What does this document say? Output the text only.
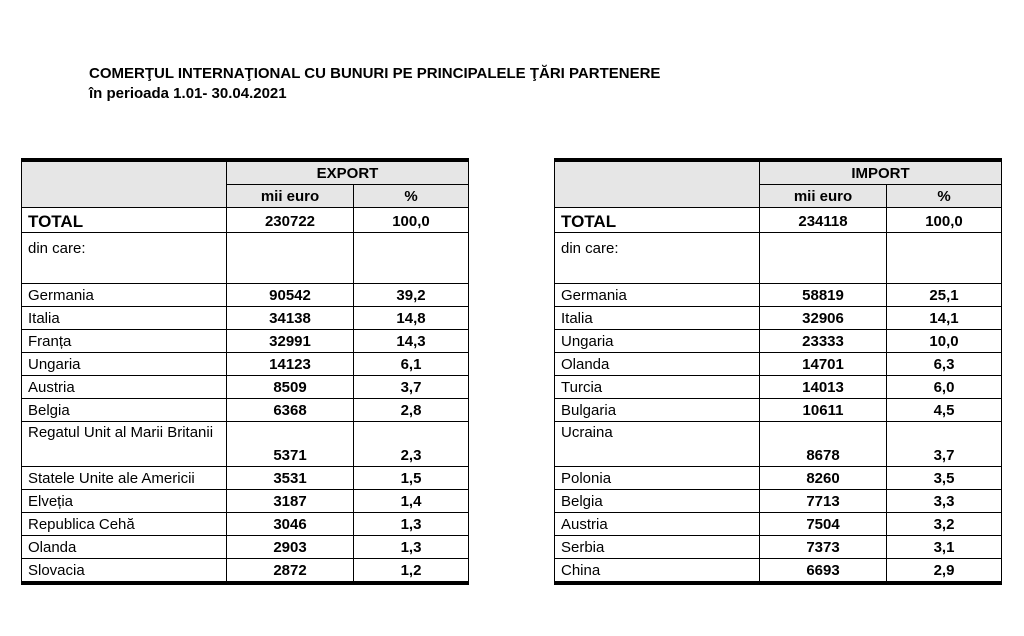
COMERŢUL INTERNAŢIONAL CU BUNURI PE PRINCIPALELE ŢĂRI PARTENERE
în perioada 1.01- 30.04.2021
	EXPORT	
	mii euro	%
TOTAL	230722	100,0
din care:		
Germania	90542	39,2
Italia	34138	14,8
Franța	32991	14,3
Ungaria	14123	6,1
Austria	8509	3,7
Belgia	6368	2,8
Regatul Unit al Marii Britanii	5371	2,3
Statele Unite ale Americii	3531	1,5
Elveția	3187	1,4
Republica Cehă	3046	1,3
Olanda	2903	1,3
Slovacia	2872	1,2
	IMPORT	
	mii euro	%
TOTAL	234118	100,0
din care:		
Germania	58819	25,1
Italia	32906	14,1
Ungaria	23333	10,0
Olanda	14701	6,3
Turcia	14013	6,0
Bulgaria	10611	4,5
Ucraina	8678	3,7
Polonia	8260	3,5
Belgia	7713	3,3
Austria	7504	3,2
Serbia	7373	3,1
China	6693	2,9
